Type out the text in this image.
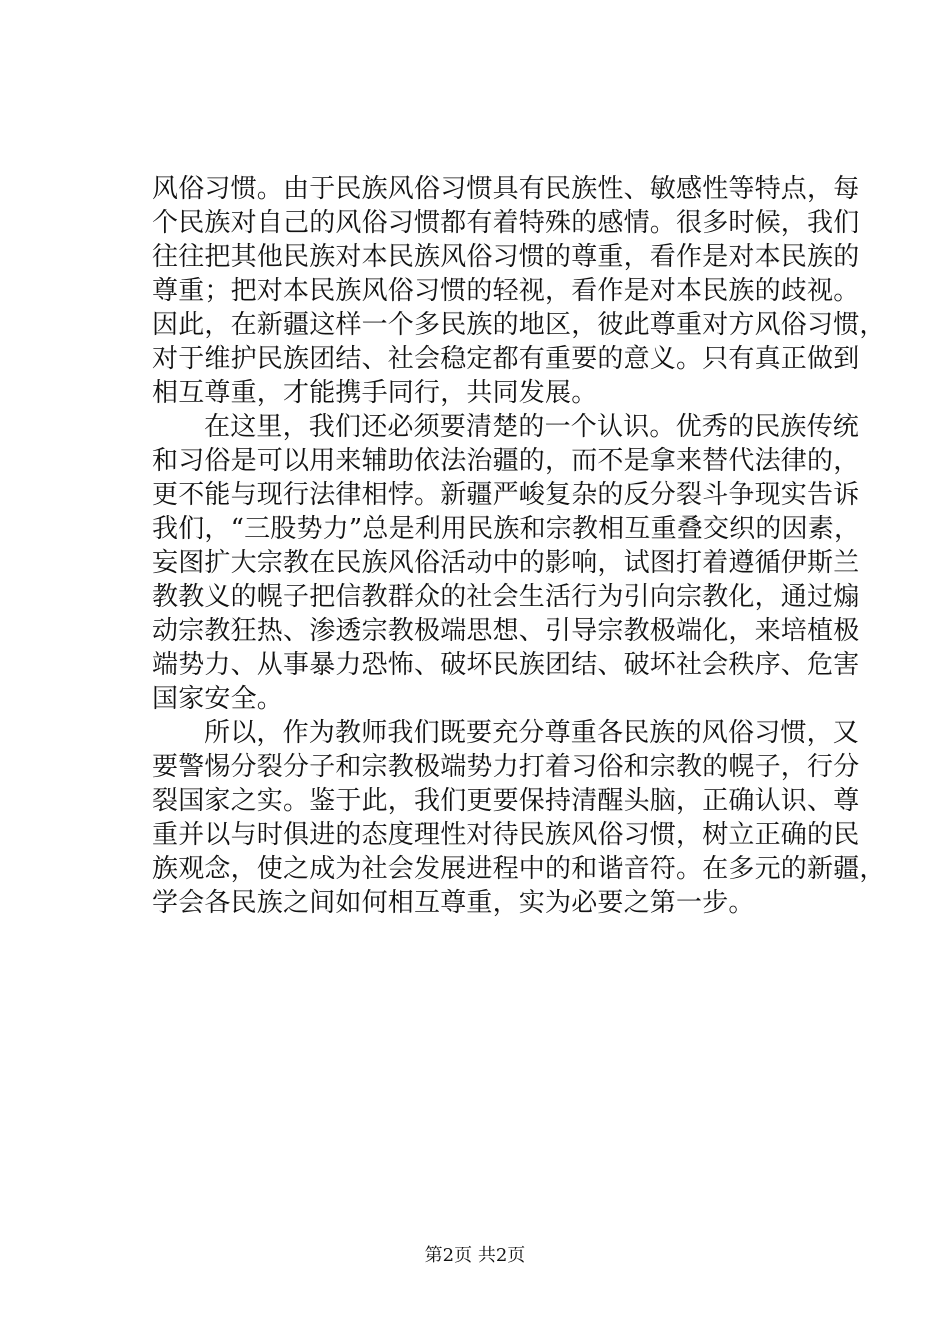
风俗习惯。由于民族风俗习惯具有民族性、敏感性等特点，每
个民族对自己的风俗习惯都有着特殊的感情。很多时候，我们
往往把其他民族对本民族风俗习惯的尊重，看作是对本民族的
尊重；把对本民族风俗习惯的轻视，看作是对本民族的歧视。
因此，在新疆这样一个多民族的地区，彼此尊重对方风俗习惯，
对于维护民族团结、社会稳定都有重要的意义。只有真正做到
相互尊重，才能携手同行，共同发展。
在这里，我们还必须要清楚的一个认识。优秀的民族传统
和习俗是可以用来辅助依法治疆的，而不是拿来替代法律的，
更不能与现行法律相悖。新疆严峻复杂的反分裂斗争现实告诉
我们，“三股势力”总是利用民族和宗教相互重叠交织的因素，
妄图扩大宗教在民族风俗活动中的影响，试图打着遵循伊斯兰
教教义的幌子把信教群众的社会生活行为引向宗教化，通过煽
动宗教狂热、渗透宗教极端思想、引导宗教极端化，来培植极
端势力、从事暴力恐怖、破坏民族团结、破坏社会秩序、危害
国家安全。
所以，作为教师我们既要充分尊重各民族的风俗习惯，又
要警惕分裂分子和宗教极端势力打着习俗和宗教的幌子，行分
裂国家之实。鉴于此，我们更要保持清醒头脑，正确认识、尊
重并以与时俱进的态度理性对待民族风俗习惯，树立正确的民
族观念，使之成为社会发展进程中的和谐音符。在多元的新疆，
学会各民族之间如何相互尊重，实为必要之第一步。
第2页 共2页
